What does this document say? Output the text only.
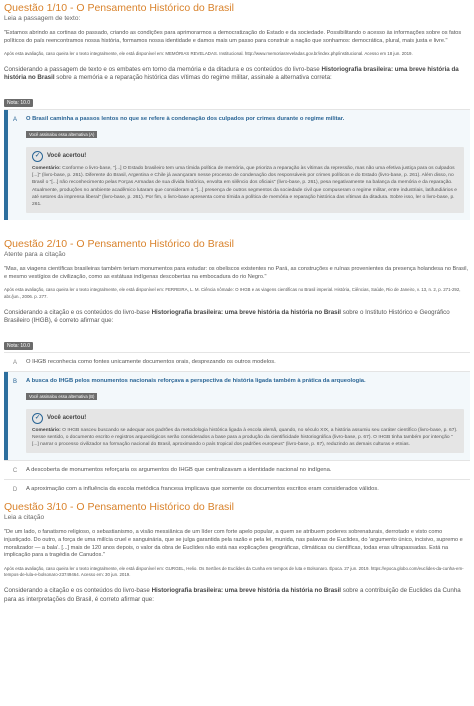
Questão 1/10 - O Pensamento Histórico do Brasil
Leia a passagem de texto:
"Estamos abrindo as cortinas do passado, criando as condições para aprimorarmos a democratização do Estado e da sociedade. Possibilitando o acesso às informações sobre os fatos políticos do país reencontramos nossa história, formamos nossa identidade e damos mais um passo para construir a nação que sonhamos: democrática, plural, mais justa e livre."
Após esta avaliação, caso queira ler o texto integralmente, ele está disponível em: MEMÓRIAS REVELADAS. Institucional. http://www.memoriasreveladas.gov.br/index.php/institucional. Acesso em 18 jun. 2019.
Considerando a passagem de texto e os embates em torno da memória e da ditadura e os conteúdos do livro-base Historiografia brasileira: uma breve história da história no Brasil sobre a memória e a reparação histórica das vítimas do regime militar, assinale a alternativa correta:
Nota: 10.0
A	O Brasil caminha a passos lentos no que se refere à condenação dos culpados por crimes durante o regime militar.
Você assinalou essa alternativa (A)
✓	Você acertou!
Comentário: Conforme o livro-base, "[...] O Estado brasileiro tem uma tímida política de memória, que prioriza a reparação às vítimas da repressão, mas não uma efetiva justiça para os culpados [...]" (livro-base, p. 261). Diferente do Brasil, Argentina e Chile já avançaram nesse processo de condenação dos responsáveis por crimes políticos e do Estado (livro-base, p. 261). Além disso, no Brasil o "[...] não reconhecimento pelas Forças Armadas de sua dívida histórica, envolta em silêncio dos oficiais" (livro-base, p. 261), pesa negativamente na balança da memória e da reparação. Atualmente, produções no ambiente acadêmico lutaram que consideram a "[...] presença de outros segmentos da sociedade civil que compuseram o regime militar, entre industriais, latifundiários e até setores da imprensa liberal" (livro-base, p. 261). Por fim, o livro-base apresenta como tímida a política de memória e reparação histórica das vítimas da ditadura. Sobre isso, ler o livro-base, p. 261.
Questão 2/10 - O Pensamento Histórico do Brasil
Atente para a citação
"Mas, as viagens científicas brasileiras também teriam monumentos para estudar: os obeliscos existentes no Pará, as construções e ruínas provenientes da presença holandesa no Brasil, e mesmo vestígios de civilização, como as estátuas indígenas descobertas na embocadura do rio Negro."
Após esta avaliação, caso queira ler o texto integralmente, ele está disponível em: FERREIRA, L. M. Ciência nômade: O IHGB e as viagens científicas no Brasil imperial. História, Ciências, Saúde, Rio de Janeiro, v. 13, n. 2, p. 271-292, abr./jun., 2006. p. 277.
Considerando a citação e os conteúdos do livro-base Historiografia brasileira: uma breve história da história no Brasil sobre o Instituto Histórico e Geográfico Brasileiro (IHGB), é correto afirmar que:
Nota: 10.0
A	O IHGB reconhecia como fontes unicamente documentos orais, desprezando os outros modelos.
B	A busca do IHGB pelos monumentos nacionais reforçava a perspectiva de história ligada também à prática da arqueologia.
Você assinalou essa alternativa (B)
✓	Você acertou!
Comentário: O IHGB nasceu buscando se adequar aos padrões da metodologia histórica ligada à escola alemã, quando, no século XIX, a história assumiu seu caráter científico (livro-base, p. 67). Nesse sentido, o documento escrito e registros arqueológicos serão considerados a base para a produção da cientificidade historiográfica (livro-base, p. 67). O IHGB tinha também por intenção "[...] narrar o processo civilizador na formação nacional do Brasil, aproximando o país tropical dos padrões europeus" (livro-base, p. 67), reduzindo as demais culturas e etnias.
C	A descoberta de monumentos reforçaria os argumentos do IHGB que centralizavam a identidade nacional no indígena.
D	A aproximação com a influência da escola metódica francesa implicava que somente os documentos escritos eram considerados válidos.
Questão 3/10 - O Pensamento Histórico do Brasil
Leia a citação
"De um lado, o fanatismo religioso, o sebastianismo, a visão messiânica de um líder com forte apelo popular, a quem se atribuem poderes sobrenaturais, derrotado e visto como injustiçado. Do outro, a força de uma milícia cruel e sanguinária, que se julga garantida pela razão e pela lei, munida, nas palavras de Euclides, do 'argumento único, incisivo, supremo e moralizador — a bala'. [...] mais de 120 anos depois, o valor da obra de Euclides não está nas explicações geográficas, climáticas ou científicas, todas eras ultrapassadas. Está na implicação para a tragédia de Canudos."
Após esta avaliação, caso queira ler o texto integralmente, ele está disponível em: GURGEL, Helio. Os Sertões de Euclides da Cunha em tempos de luta e Bolsonaro. Época. 27 jun. 2019. https://epoca.globo.com/euclides-da-cunha-em-tempos-de-lula-e-bolsonaro-23749464. Acesso em: 30 jun. 2019.
Considerando a citação e os conteúdos do livro-base Historiografia brasileira: uma breve história da história no Brasil sobre a contribuição de Euclides da Cunha para as interpretações do Brasil, é correto afirmar que:
